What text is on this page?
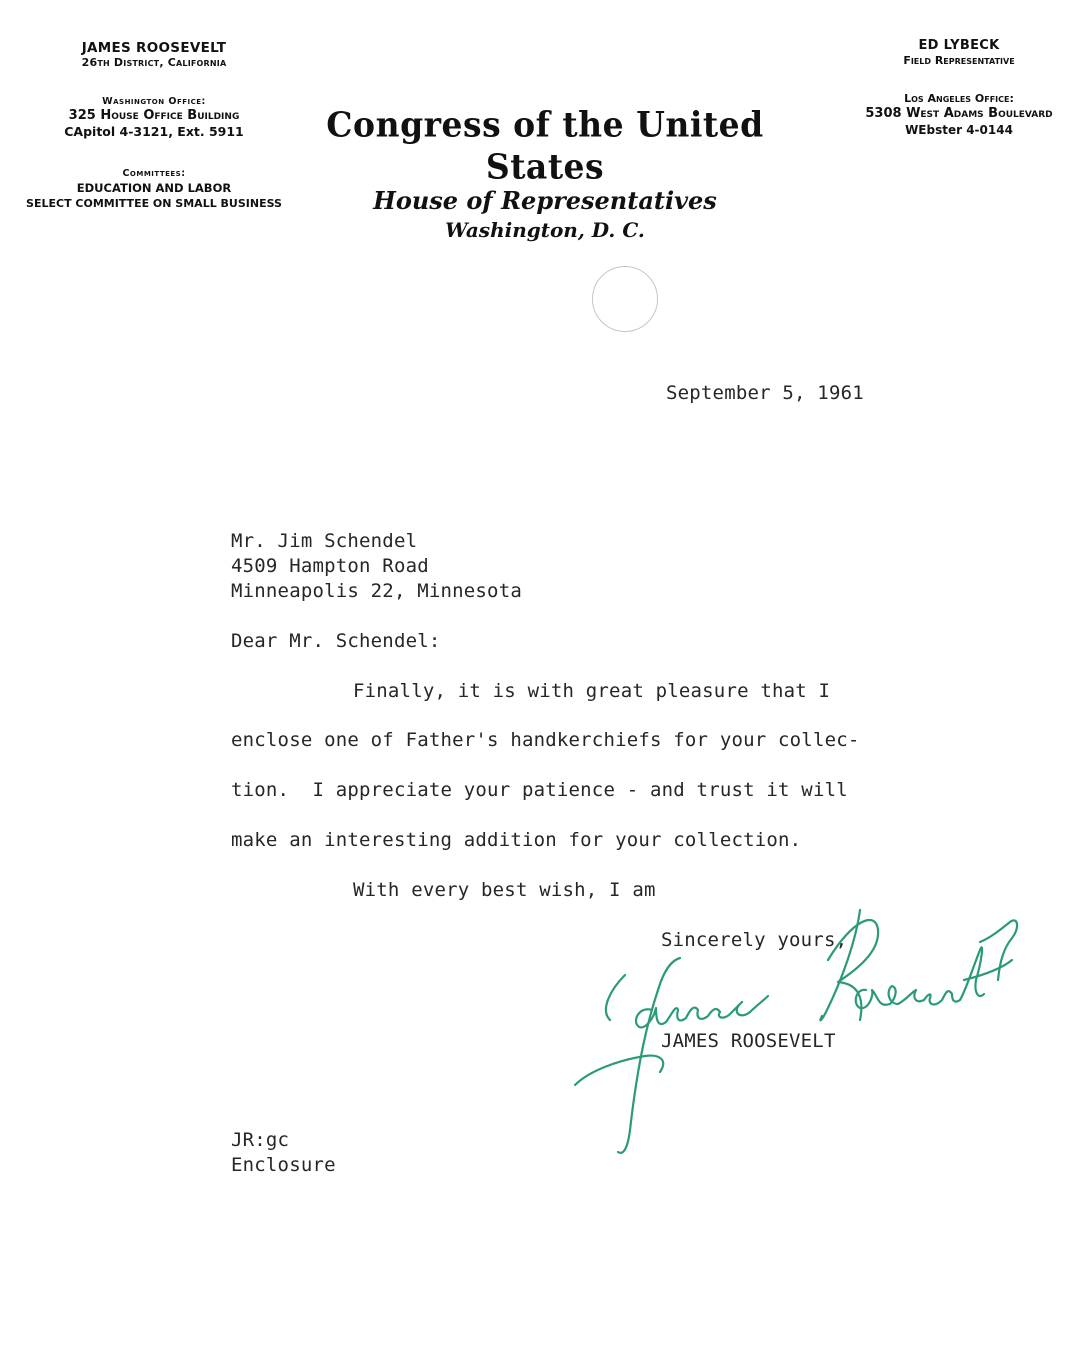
JAMES ROOSEVELT
26th District, California
Washington Office:
325 House Office Building
CApitol 4-3121, Ext. 5911
Committees:
EDUCATION AND LABOR
SELECT COMMITTEE ON SMALL BUSINESS
Congress of the United States
House of Representatives
Washington, D. C.
ED LYBECK
Field Representative
Los Angeles Office:
5308 West Adams Boulevard
WEbster 4-0144
September 5, 1961
Mr. Jim Schendel
4509 Hampton Road
Minneapolis 22, Minnesota
Dear Mr. Schendel:
Finally, it is with great pleasure that I
enclose one of Father's handkerchiefs for your collec-
tion.  I appreciate your patience - and trust it will
make an interesting addition for your collection.
With every best wish, I am
Sincerely yours,
JAMES ROOSEVELT
JR:gc
Enclosure
